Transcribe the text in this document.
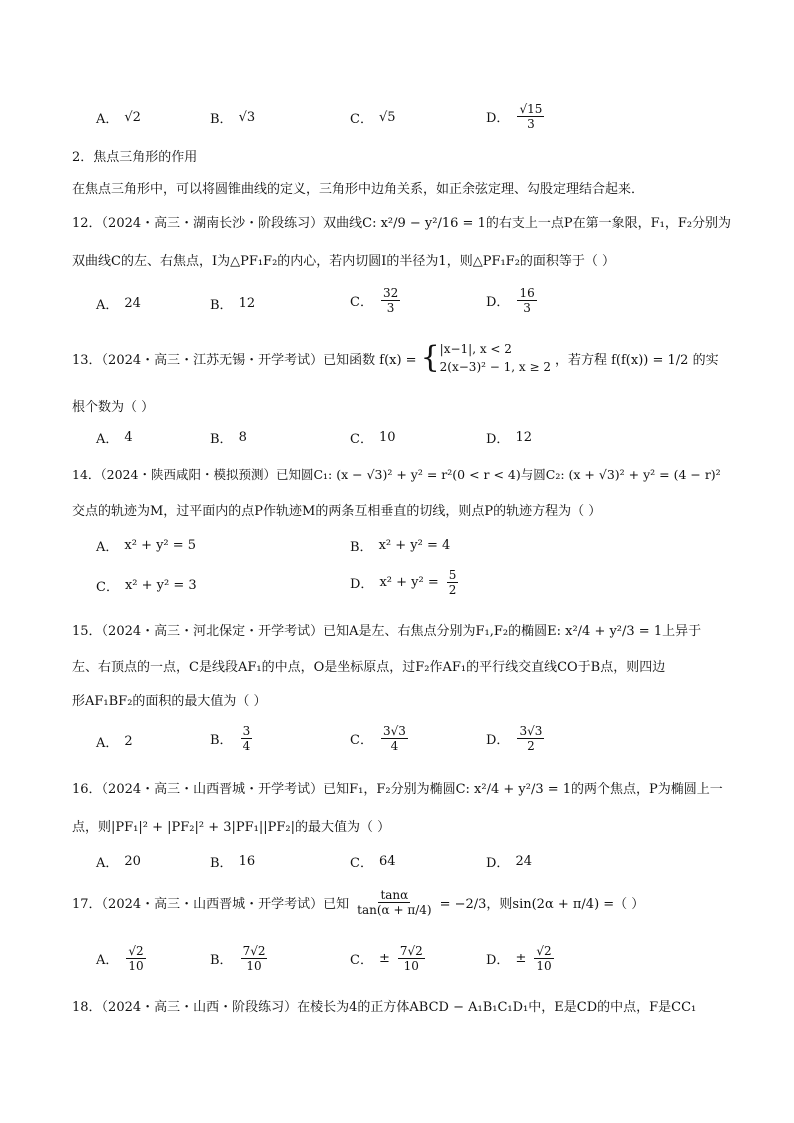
A． √2	B． √3	C． √5	D． $\frac{√15}{3}$
2．焦点三角形的作用
在焦点三角形中，可以将圆锥曲线的定义，三角形中边角关系，如正余弦定理、勾股定理结合起来．
12．（2024・高三・湖南长沙・阶段练习）双曲线C: x²/9 − y²/16 = 1的右支上一点P在第一象限，F₁，F₂分别为
双曲线C的左、右焦点，I为△PF₁F₂的内心，若内切圆I的半径为1，则△PF₁F₂的面积等于（ ）
A． 24	B． 12	C． $\frac{32}{3}$	D． $\frac{16}{3}$
13．（2024・高三・江苏无锡・开学考试）已知函数 f(x) = { |x−1|, x < 2
2(x−3)² − 1, x ≥ 2 ，若方程 f(f(x)) = 1/2 的实
根个数为（ ）
A． 4	B． 8	C． 10	D． 12
14．（2024・陕西咸阳・模拟预测）已知圆C₁: (x − √3)² + y² = r²(0 < r < 4)与圆C₂: (x + √3)² + y² = (4 − r)²
交点的轨迹为M，过平面内的点P作轨迹M的两条互相垂直的切线，则点P的轨迹方程为（ ）
A． x² + y² = 5	B． x² + y² = 4
C． x² + y² = 3	D． $x^2 + y^2 = \frac{5}{2}$
15．（2024・高三・河北保定・开学考试）已知A是左、右焦点分别为F₁,F₂的椭圆E: x²/4 + y²/3 = 1上异于
左、右顶点的一点，C是线段AF₁的中点，O是坐标原点，过F₂作AF₁的平行线交直线CO于B点，则四边
形AF₁BF₂的面积的最大值为（ ）
A． 2	B． $\frac{3}{4}$	C． $\frac{3√3}{4}$	D． $\frac{3√3}{2}$
16．（2024・高三・山西晋城・开学考试）已知F₁，F₂分别为椭圆C: x²/4 + y²/3 = 1的两个焦点，P为椭圆上一
点，则|PF₁|² + |PF₂|² + 3|PF₁||PF₂|的最大值为（ ）
A． 20	B． 16	C． 64	D． 24
17．（2024・高三・山西晋城・开学考试）已知 $\frac{\tan\alpha}{\tan(\alpha + \pi/4)} = -2/3$，则sin(2α + π/4) =（ ）
A． $\frac{√2}{10}$	B． $\frac{7√2}{10}$	C． ± $\frac{7√2}{10}$	D． ± $\frac{√2}{10}$
18．（2024・高三・山西・阶段练习）在棱长为4的正方体ABCD − A₁B₁C₁D₁中，E是CD的中点，F是CC₁
